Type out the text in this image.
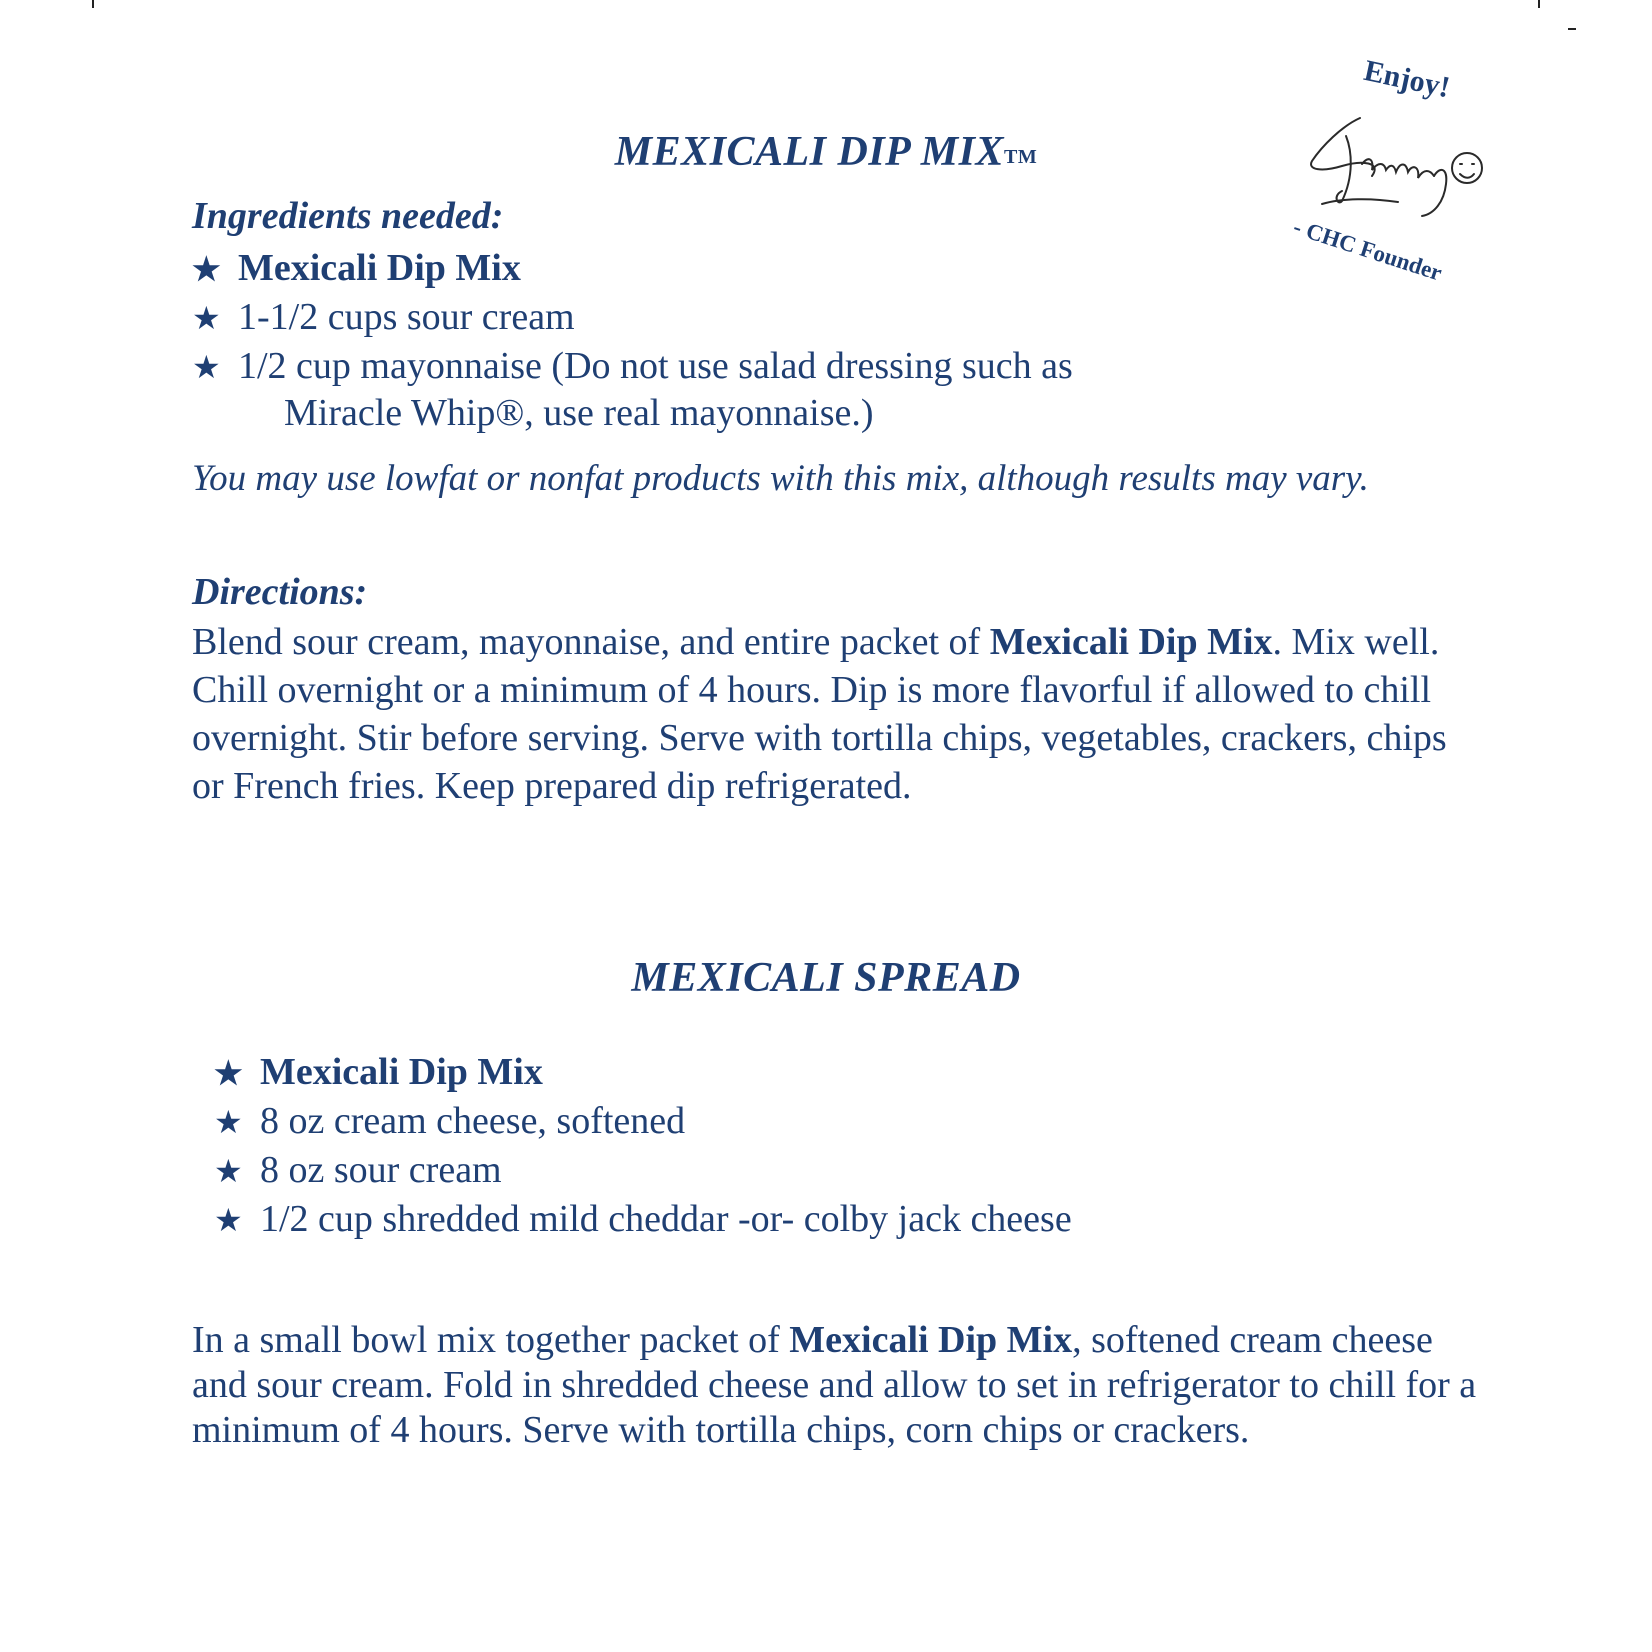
Enjoy!
- CHC Founder
MEXICALI DIP MIX™
Ingredients needed:
★ Mexicali Dip Mix
★ 1-1/2 cups sour cream
★ 1/2 cup mayonnaise (Do not use salad dressing such as
Miracle Whip®, use real mayonnaise.)
You may use lowfat or nonfat products with this mix, although results may vary.
Directions:
Blend sour cream, mayonnaise, and entire packet of Mexicali Dip Mix. Mix well. Chill overnight or a minimum of 4 hours. Dip is more flavorful if allowed to chill overnight. Stir before serving. Serve with tortilla chips, vegetables, crackers, chips or French fries. Keep prepared dip refrigerated.
MEXICALI SPREAD
★ Mexicali Dip Mix
★ 8 oz cream cheese, softened
★ 8 oz sour cream
★ 1/2 cup shredded mild cheddar -or- colby jack cheese
In a small bowl mix together packet of Mexicali Dip Mix, softened cream cheese and sour cream. Fold in shredded cheese and allow to set in refrigerator to chill for a minimum of 4 hours. Serve with tortilla chips, corn chips or crackers.
